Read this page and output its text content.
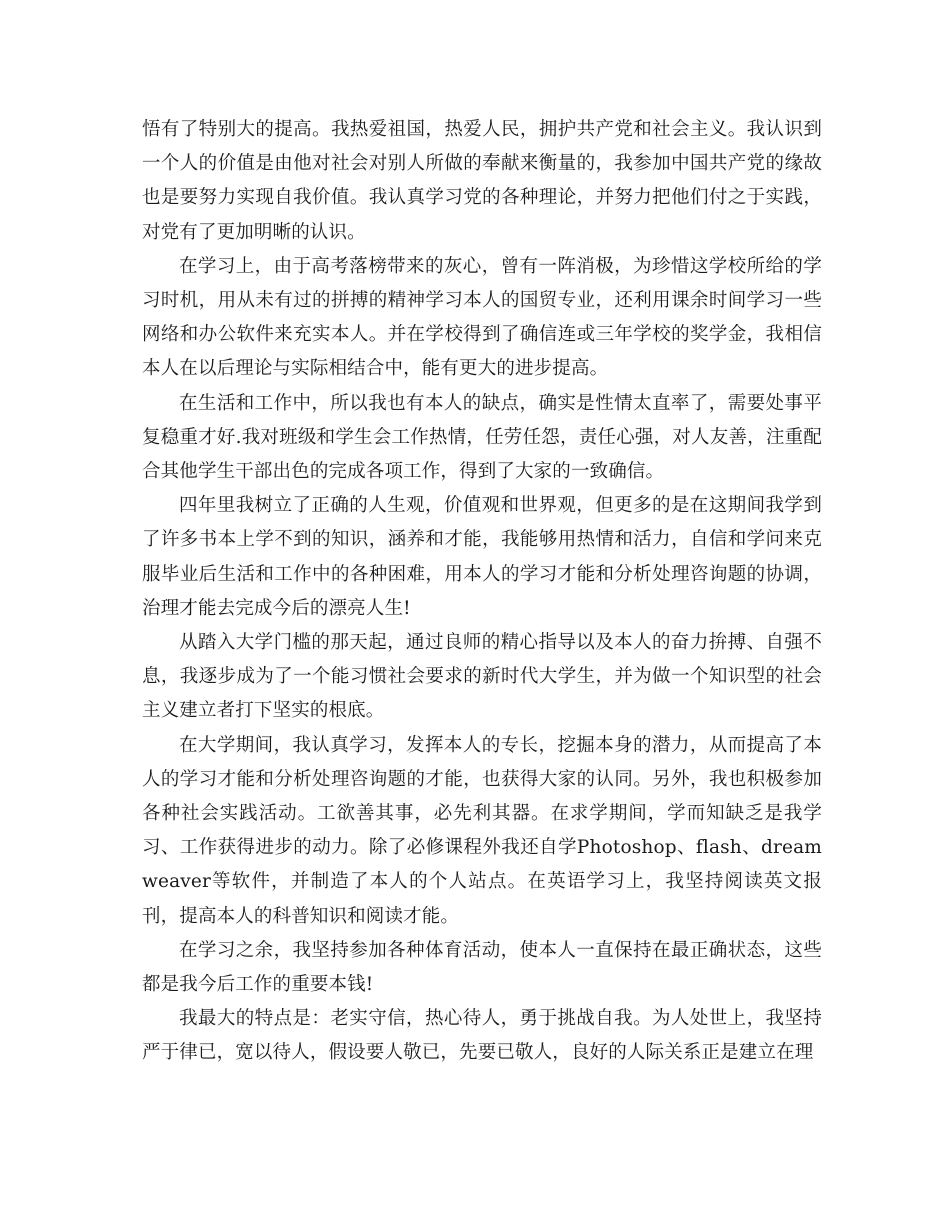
悟有了特别大的提高。我热爱祖国，热爱人民，拥护共产党和社会主义。我认识到一个人的价值是由他对社会对别人所做的奉献来衡量的，我参加中国共产党的缘故也是要努力实现自我价值。我认真学习党的各种理论，并努力把他们付之于实践，对党有了更加明晰的认识。

在学习上，由于高考落榜带来的灰心，曾有一阵消极，为珍惜这学校所给的学习时机，用从未有过的拼搏的精神学习本人的国贸专业，还利用课余时间学习一些网络和办公软件来充实本人。并在学校得到了确信连或三年学校的奖学金，我相信本人在以后理论与实际相结合中，能有更大的进步提高。

在生活和工作中，所以我也有本人的缺点，确实是性情太直率了，需要处事平复稳重才好.我对班级和学生会工作热情，任劳任怨，责任心强，对人友善，注重配合其他学生干部出色的完成各项工作，得到了大家的一致确信。

四年里我树立了正确的人生观，价值观和世界观，但更多的是在这期间我学到了许多书本上学不到的知识，涵养和才能，我能够用热情和活力，自信和学问来克服毕业后生活和工作中的各种困难，用本人的学习才能和分析处理咨询题的协调，治理才能去完成今后的漂亮人生!

从踏入大学门槛的那天起，通过良师的精心指导以及本人的奋力拚搏、自强不息，我逐步成为了一个能习惯社会要求的新时代大学生，并为做一个知识型的社会主义建立者打下坚实的根底。

在大学期间，我认真学习，发挥本人的专长，挖掘本身的潜力，从而提高了本人的学习才能和分析处理咨询题的才能，也获得大家的认同。另外，我也积极参加各种社会实践活动。工欲善其事，必先利其器。在求学期间，学而知缺乏是我学习、工作获得进步的动力。除了必修课程外我还自学Photoshop、flash、dreamweaver等软件，并制造了本人的个人站点。在英语学习上，我坚持阅读英文报刊，提高本人的科普知识和阅读才能。

在学习之余，我坚持参加各种体育活动，使本人一直保持在最正确状态，这些都是我今后工作的重要本钱!

我最大的特点是：老实守信，热心待人，勇于挑战自我。为人处世上，我坚持严于律已，宽以待人，假设要人敬已，先要已敬人，良好的人际关系正是建立在理
